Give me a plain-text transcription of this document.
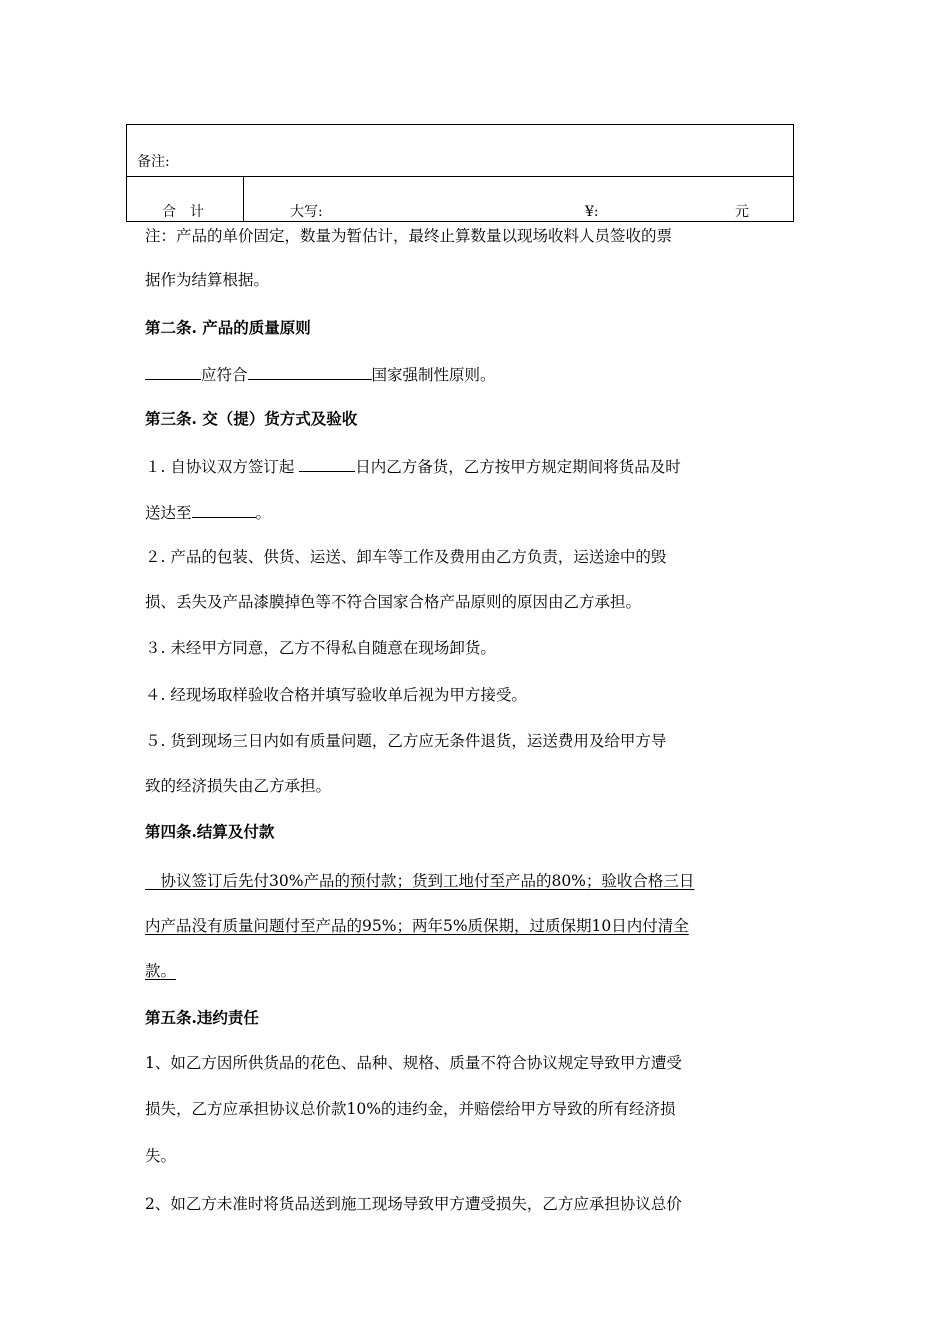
备注:
合　计	大写:	¥:	元
注：产品的单价固定，数量为暂估计，最终止算数量以现场收料人员签收的票
据作为结算根据。
第二条. 产品的质量原则
应符合	国家强制性原则。
第三条. 交（提）货方式及验收
１. 自协议双方签订起	日内乙方备货，乙方按甲方规定期间将货品及时
送达至	。
２. 产品的包装、供货、运送、卸车等工作及费用由乙方负责，运送途中的毁
损、丢失及产品漆膜掉色等不符合国家合格产品原则的原因由乙方承担。
３. 未经甲方同意，乙方不得私自随意在现场卸货。
４. 经现场取样验收合格并填写验收单后视为甲方接受。
５. 货到现场三日内如有质量问题，乙方应无条件退货，运送费用及给甲方导
致的经济损失由乙方承担。
第四条.结算及付款
　协议签订后先付30%产品的预付款；货到工地付至产品的80%；验收合格三日
内产品没有质量问题付至产品的95%；两年5%质保期，过质保期10日内付清全
款。
第五条.违约责任
1、如乙方因所供货品的花色、品种、规格、质量不符合协议规定导致甲方遭受
损失，乙方应承担协议总价款10%的违约金，并赔偿给甲方导致的所有经济损
失。
2、如乙方未准时将货品送到施工现场导致甲方遭受损失，乙方应承担协议总价
